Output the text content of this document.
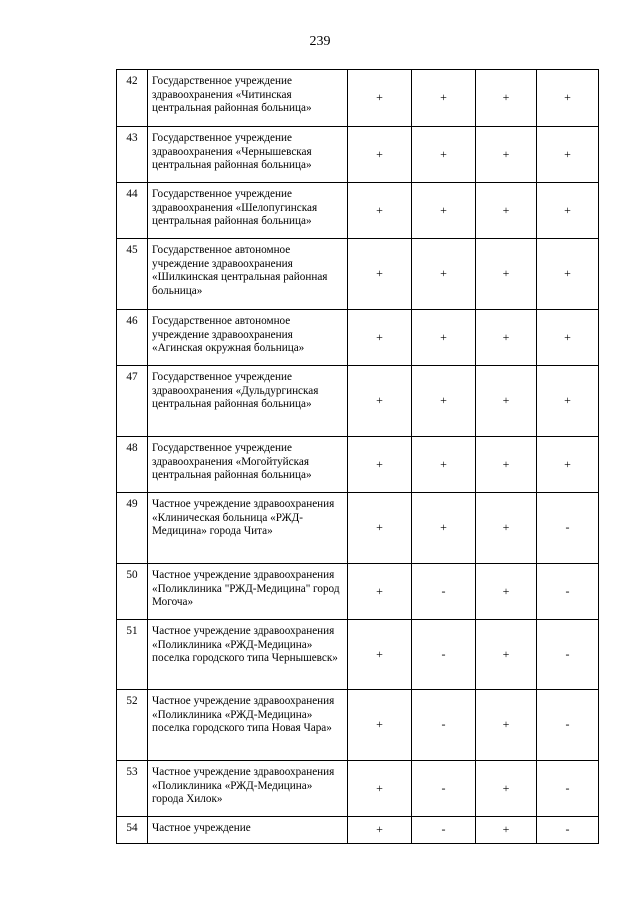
239
42	Государственное учреждение здравоохранения «Читинская центральная районная больница»	+	+	+	+
43	Государственное учреждение здравоохранения «Чернышевская центральная районная больница»	+	+	+	+
44	Государственное учреждение здравоохранения «Шелопугинская центральная районная больница»	+	+	+	+
45	Государственное автономное учреждение здравоохранения «Шилкинская центральная районная больница»	+	+	+	+
46	Государственное автономное учреждение здравоохранения «Агинская окружная больница»	+	+	+	+
47	Государственное учреждение здравоохранения «Дульдургинская центральная районная больница»	+	+	+	+
48	Государственное учреждение здравоохранения «Могойтуйская центральная районная больница»	+	+	+	+
49	Частное учреждение здравоохранения «Клиническая больница «РЖД-Медицина» города Чита»	+	+	+	-
50	Частное учреждение здравоохранения «Поликлиника "РЖД-Медицина" город Могоча»	+	-	+	-
51	Частное учреждение здравоохранения «Поликлиника «РЖД-Медицина» поселка городского типа Чернышевск»	+	-	+	-
52	Частное учреждение здравоохранения «Поликлиника «РЖД-Медицина» поселка городского типа Новая Чара»	+	-	+	-
53	Частное учреждение здравоохранения «Поликлиника «РЖД-Медицина» города Хилок»	+	-	+	-
54	Частное учреждение	+	-	+	-
